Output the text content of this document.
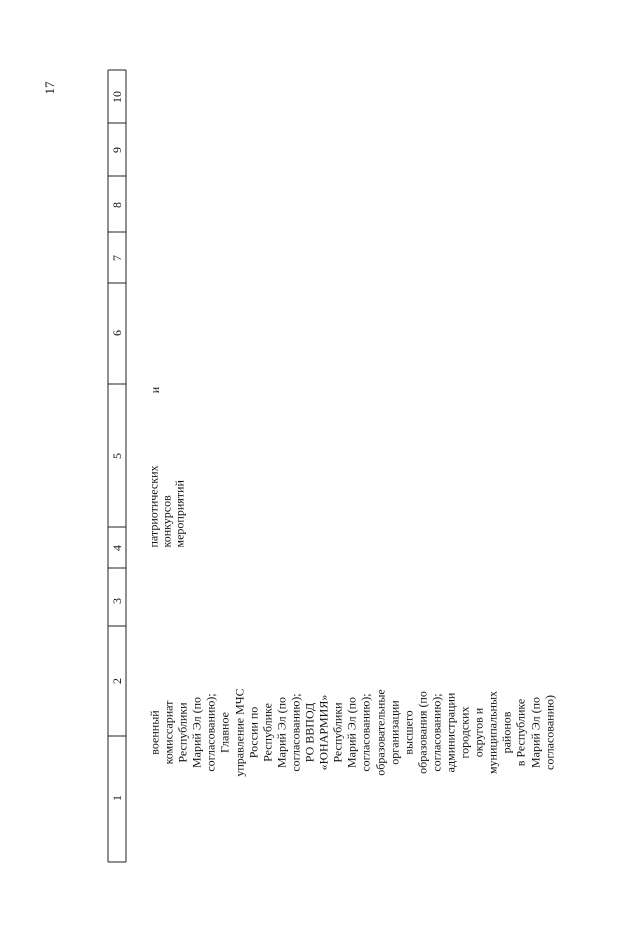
17
1
2
3
4
5
6
7
8
9
10
военный
комиссариат
Республики
Марий Эл (по
согласованию);
Главное
управление МЧС
России по
Республике
Марий Эл (по
согласованию);
РО ВВПОД
«ЮНАРМИЯ»
Республики
Марий Эл (по
согласованию);
образовательные
организации
высшего
образования (по
согласованию);
администрации
городских
округов и
муниципальных
районов
в Республике
Марий Эл (по
согласованию)
патриотических
конкурсов
мероприятий
и
